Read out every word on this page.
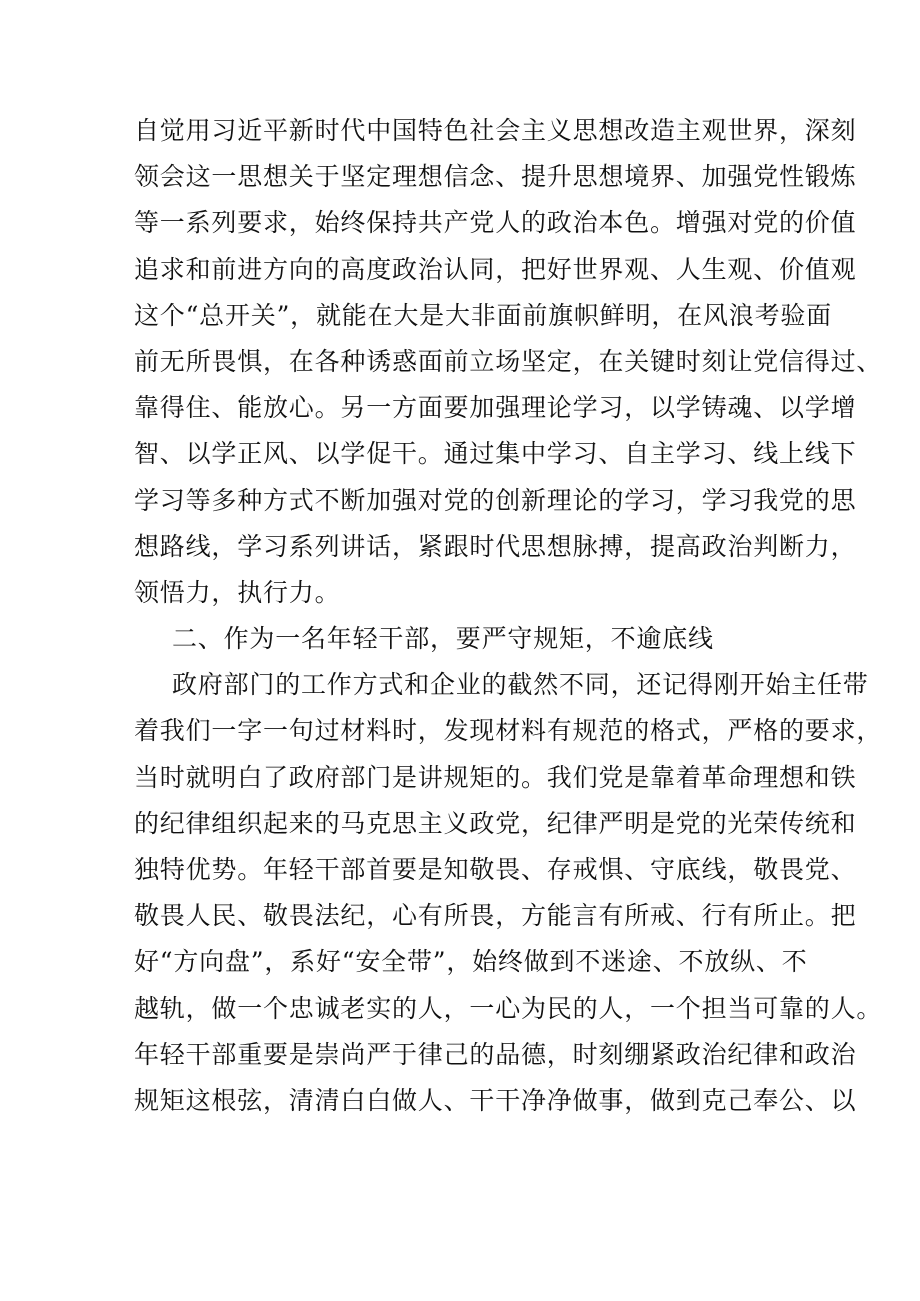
自觉用习近平新时代中国特色社会主义思想改造主观世界，深刻
领会这一思想关于坚定理想信念、提升思想境界、加强党性锻炼
等一系列要求，始终保持共产党人的政治本色。增强对党的价值
追求和前进方向的高度政治认同，把好世界观、人生观、价值观
这个“总开关”，就能在大是大非面前旗帜鲜明，在风浪考验面
前无所畏惧，在各种诱惑面前立场坚定，在关键时刻让党信得过、
靠得住、能放心。另一方面要加强理论学习，以学铸魂、以学增
智、以学正风、以学促干。通过集中学习、自主学习、线上线下
学习等多种方式不断加强对党的创新理论的学习，学习我党的思
想路线，学习系列讲话，紧跟时代思想脉搏，提高政治判断力，
领悟力，执行力。
二、作为一名年轻干部，要严守规矩，不逾底线
政府部门的工作方式和企业的截然不同，还记得刚开始主任带
着我们一字一句过材料时，发现材料有规范的格式，严格的要求，
当时就明白了政府部门是讲规矩的。我们党是靠着革命理想和铁
的纪律组织起来的马克思主义政党，纪律严明是党的光荣传统和
独特优势。年轻干部首要是知敬畏、存戒惧、守底线，敬畏党、
敬畏人民、敬畏法纪，心有所畏，方能言有所戒、行有所止。把
好“方向盘”，系好“安全带”，始终做到不迷途、不放纵、不
越轨，做一个忠诚老实的人，一心为民的人，一个担当可靠的人。
年轻干部重要是崇尚严于律己的品德，时刻绷紧政治纪律和政治
规矩这根弦，清清白白做人、干干净净做事，做到克己奉公、以
